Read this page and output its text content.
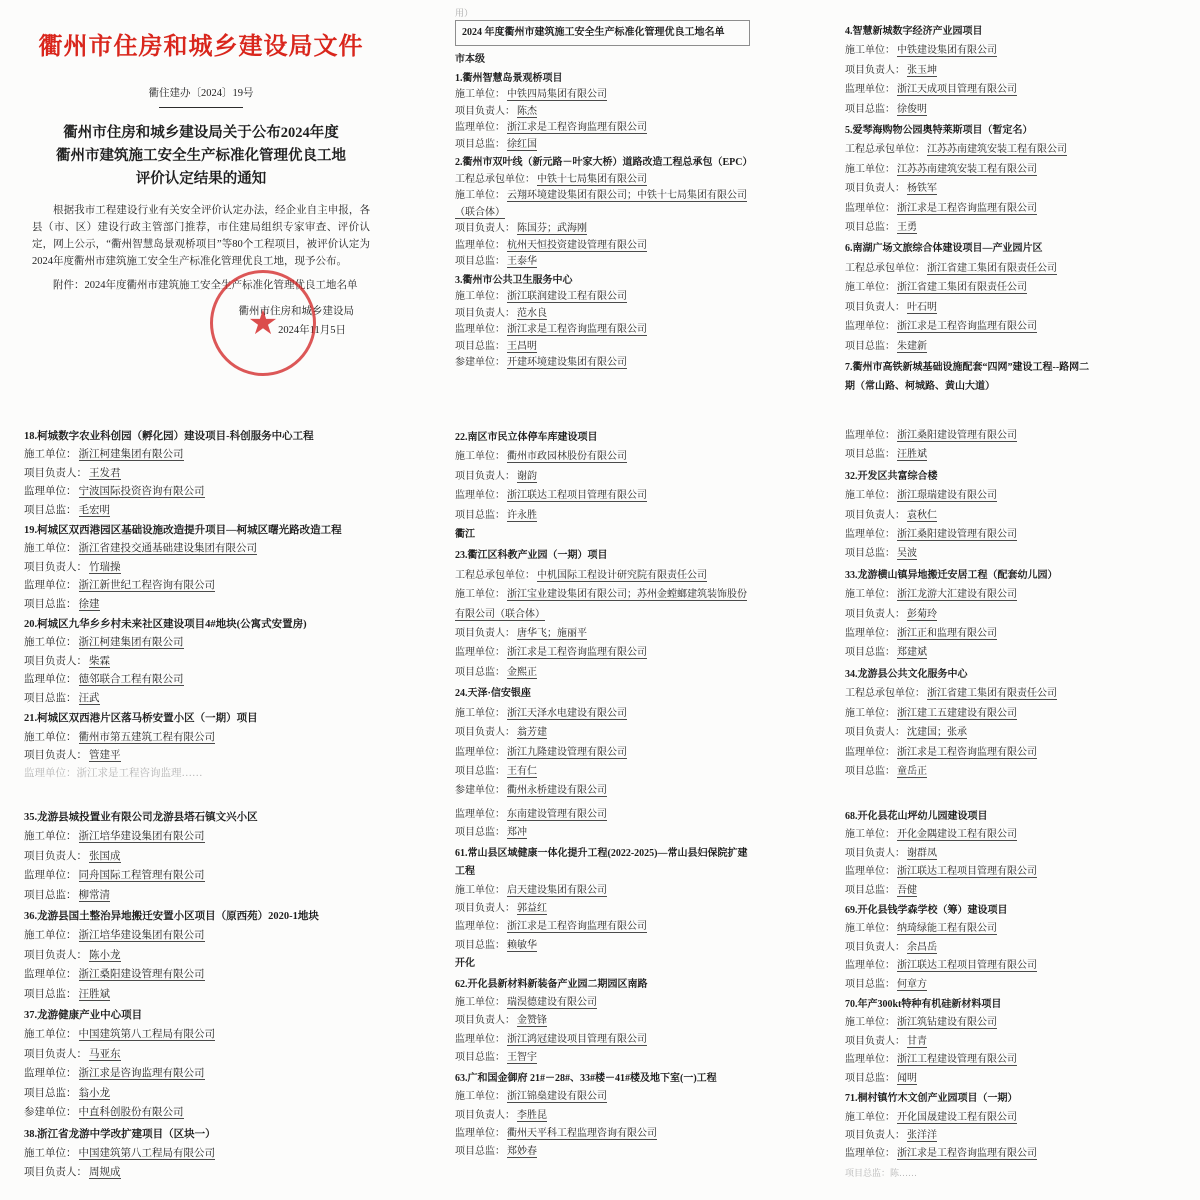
衢州市住房和城乡建设局文件
衢住建办〔2024〕19号
衢州市住房和城乡建设局关于公布2024年度
衢州市建筑施工安全生产标准化管理优良工地
评价认定结果的通知

根据我市工程建设行业有关安全评价认定办法，经企业自主申报，各县（市、区）建设行政主管部门推荐，市住建局组织专家审查、评价认定，网上公示，“衢州智慧岛景观桥项目”等80个工程项目，被评价认定为2024年度衢州市建筑施工安全生产标准化管理优良工地，现予公布。

附件：2024年度衢州市建筑施工安全生产标准化管理优良工地名单

衢州市住房和城乡建设局
2024年11月5日
★
用）
2024 年度衢州市建筑施工安全生产标准化管理优良工地名单
市本级
1.衢州智慧岛景观桥项目
施工单位： 中铁四局集团有限公司
项目负责人： 陈杰
监理单位： 浙江求是工程咨询监理有限公司
项目总监： 徐红国
2.衢州市双叶线（新元路－叶家大桥）道路改造工程总承包（EPC）
工程总承包单位： 中铁十七局集团有限公司
施工单位： 云翔环境建设集团有限公司；中铁十七局集团有限公司（联合体）
项目负责人： 陈国芬；武海刚
监理单位： 杭州天恒投资建设管理有限公司
项目总监： 王泰华
3.衢州市公共卫生服务中心
施工单位： 浙江联润建设工程有限公司
项目负责人： 范水良
监理单位： 浙江求是工程咨询监理有限公司
项目总监： 王昌明
参建单位： 开建环境建设集团有限公司
4.智慧新城数字经济产业园项目
施工单位： 中铁建设集团有限公司
项目负责人： 张玉坤
监理单位： 浙江天成项目管理有限公司
项目总监： 徐俊明
5.爱琴海购物公园奥特莱斯项目（暂定名）
工程总承包单位： 江苏苏南建筑安装工程有限公司
施工单位： 江苏苏南建筑安装工程有限公司
项目负责人： 杨铁军
监理单位： 浙江求是工程咨询监理有限公司
项目总监： 王勇
6.南湖广场文旅综合体建设项目—产业园片区
工程总承包单位： 浙江省建工集团有限责任公司
施工单位： 浙江省建工集团有限责任公司
项目负责人： 叶石明
监理单位： 浙江求是工程咨询监理有限公司
项目总监： 朱建新
7.衢州市高铁新城基础设施配套“四网”建设工程--路网二期（常山路、柯城路、黄山大道）
18.柯城数字农业科创园（孵化园）建设项目-科创服务中心工程
施工单位： 浙江柯建集团有限公司
项目负责人： 王发君
监理单位： 宁波国际投资咨询有限公司
项目总监： 毛宏明
19.柯城区双西港园区基础设施改造提升项目—柯城区曙光路改造工程
施工单位： 浙江省建投交通基础建设集团有限公司
项目负责人： 竹瑞操
监理单位： 浙江新世纪工程咨询有限公司
项目总监： 徐建
20.柯城区九华乡乡村未来社区建设项目4#地块(公寓式安置房)
施工单位： 浙江柯建集团有限公司
项目负责人： 柴霖
监理单位： 德邻联合工程有限公司
项目总监： 汪武
21.柯城区双西港片区落马桥安置小区（一期）项目
施工单位： 衢州市第五建筑工程有限公司
项目负责人： 管建平
监理单位：浙江求是工程咨询监理……
22.南区市民立体停车库建设项目
施工单位： 衢州市政园林股份有限公司
项目负责人： 谢韵
监理单位： 浙江联达工程项目管理有限公司
项目总监： 许永胜
衢江
23.衢江区科教产业园（一期）项目
工程总承包单位： 中机国际工程设计研究院有限责任公司
施工单位： 浙江宝业建设集团有限公司；苏州金螳螂建筑装饰股份有限公司（联合体）
项目负责人： 唐华飞；施丽平
监理单位： 浙江求是工程咨询监理有限公司
项目总监： 金熙正
24.天泽·信安银座
施工单位： 浙江天泽水电建设有限公司
项目负责人： 翁芳建
监理单位： 浙江九隆建设管理有限公司
项目总监： 王有仁
参建单位： 衢州永桥建设有限公司
监理单位： 浙江桑阳建设管理有限公司
项目总监： 汪胜斌
32.开发区共富综合楼
施工单位： 浙江璟瑞建设有限公司
项目负责人： 袁秋仁
监理单位： 浙江桑阳建设管理有限公司
项目总监： 吴波
33.龙游横山镇异地搬迁安居工程（配套幼儿园）
施工单位： 浙江龙游大汇建设有限公司
项目负责人： 彭菊玲
监理单位： 浙江正和监理有限公司
项目总监： 郑建斌
34.龙游县公共文化服务中心
工程总承包单位： 浙江省建工集团有限责任公司
施工单位： 浙江建工五建建设有限公司
项目负责人： 沈建国；张承
监理单位： 浙江求是工程咨询监理有限公司
项目总监： 童岳正
35.龙游县城投置业有限公司龙游县塔石镇文兴小区
施工单位： 浙江培华建设集团有限公司
项目负责人： 张国成
监理单位： 同舟国际工程管理有限公司
项目总监： 柳常清
36.龙游县国土整治异地搬迁安置小区项目（原西苑）2020-1地块
施工单位： 浙江培华建设集团有限公司
项目负责人： 陈小龙
监理单位： 浙江桑阳建设管理有限公司
项目总监： 汪胜斌
37.龙游健康产业中心项目
施工单位： 中国建筑第八工程局有限公司
项目负责人： 马亚东
监理单位： 浙江求是咨询监理有限公司
项目总监： 翁小龙
参建单位： 中直科创股份有限公司
38.浙江省龙游中学改扩建项目（区块一）
施工单位： 中国建筑第八工程局有限公司
项目负责人： 周规成
监理单位： 东南建设管理有限公司
项目总监： 郑冲
61.常山县区域健康一体化提升工程(2022-2025)—常山县妇保院扩建工程
施工单位： 启天建设集团有限公司
项目负责人： 郭益红
监理单位： 浙江求是工程咨询监理有限公司
项目总监： 赖敏华
开化
62.开化县新材料新装备产业园二期园区南路
施工单位： 瑞淏德建设有限公司
项目负责人： 金赞锋
监理单位： 浙江鸿冠建设项目管理有限公司
项目总监： 王智宇
63.广和国金御府 21#－28#、33#楼－41#楼及地下室(一)工程
施工单位： 浙江锦燊建设有限公司
项目负责人： 李胜昆
监理单位： 衢州天平科工程监理咨询有限公司
项目总监： 郑妙春
68.开化县花山坪幼儿园建设项目
施工单位： 开化金隅建设工程有限公司
项目负责人： 谢群凤
监理单位： 浙江联达工程项目管理有限公司
项目总监： 吾健
69.开化县钱学森学校（筹）建设项目
施工单位： 纳琦绿能工程有限公司
项目负责人： 余昌岳
监理单位： 浙江联达工程项目管理有限公司
项目总监： 何章方
70.年产300kt特种有机硅新材料项目
施工单位： 浙江筑钻建设有限公司
项目负责人： 甘青
监理单位： 浙江工程建设管理有限公司
项目总监： 闻明
71.桐村镇竹木文创产业园项目（一期）
施工单位： 开化国晟建设工程有限公司
项目负责人： 张洋洋
监理单位： 浙江求是工程咨询监理有限公司
项目总监：陈……
